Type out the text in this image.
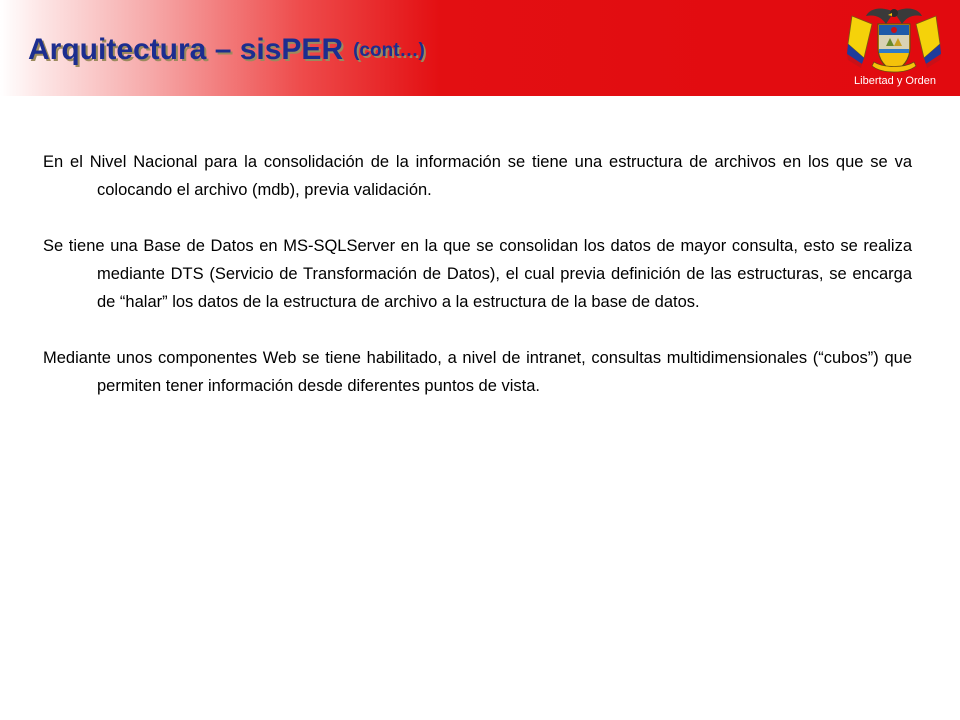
Arquitectura – sisPER (cont…)
Libertad y Orden

En el Nivel Nacional para la consolidación de la información se tiene una estructura de archivos en los que se va colocando el archivo (mdb), previa validación.

Se tiene una Base de Datos en MS-SQLServer en la que se consolidan los datos de mayor consulta, esto se realiza mediante DTS (Servicio de Transformación de Datos), el cual previa definición de las estructuras, se encarga de “halar” los datos de la estructura de archivo a la estructura de la base de datos.

Mediante unos componentes Web se tiene habilitado, a nivel de intranet, consultas multidimensionales (“cubos”) que permiten tener información desde diferentes puntos de vista.
